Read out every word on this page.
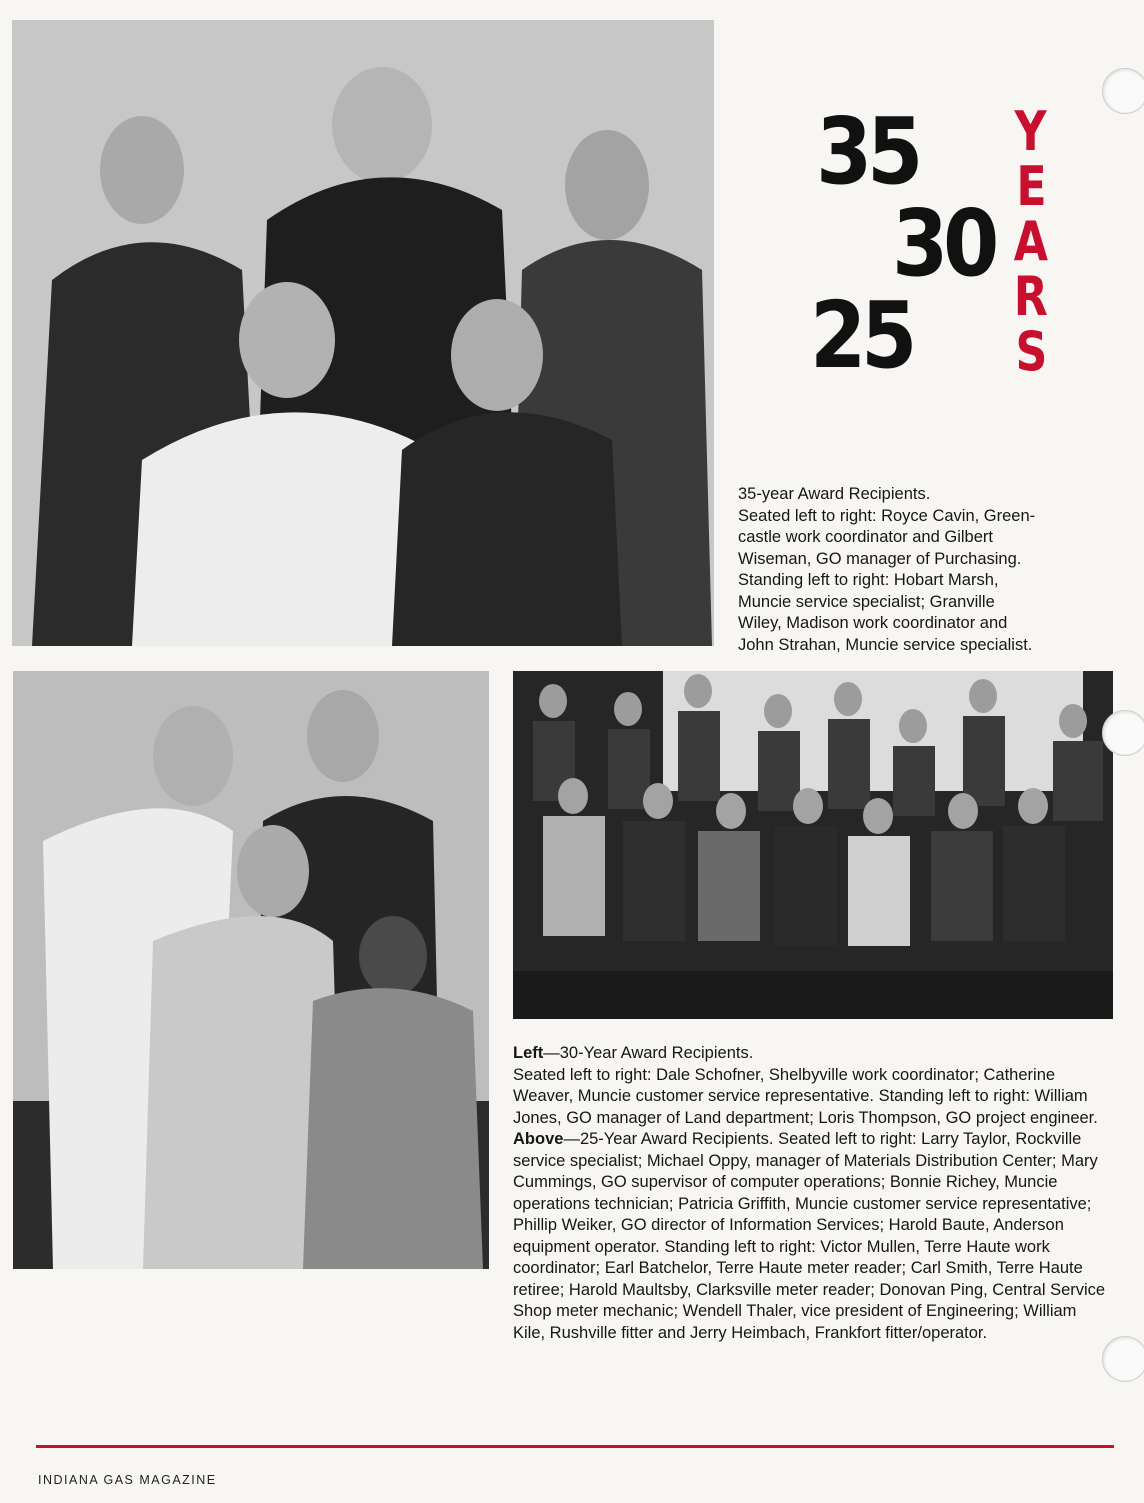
35
30
25
Y
E
A
R
S
35-year Award Recipients.
Seated left to right: Royce Cavin, Green-
castle work coordinator and Gilbert
Wiseman, GO manager of Purchasing.
Standing left to right: Hobart Marsh,
Muncie service specialist; Granville
Wiley, Madison work coordinator and
John Strahan, Muncie service specialist.
Left—30-Year Award Recipients.
Seated left to right: Dale Schofner, Shelbyville work coordinator; Catherine Weaver, Muncie customer service representative. Standing left to right: William Jones, GO manager of Land department; Loris Thompson, GO project engineer. Above—25-Year Award Recipients. Seated left to right: Larry Taylor, Rockville service specialist; Michael Oppy, manager of Materials Distribution Center; Mary Cummings, GO supervisor of computer operations; Bonnie Richey, Muncie operations technician; Patricia Griffith, Muncie customer service representative; Phillip Weiker, GO director of Information Services; Harold Baute, Anderson equipment operator. Standing left to right: Victor Mullen, Terre Haute work coordinator; Earl Batchelor, Terre Haute meter reader; Carl Smith, Terre Haute retiree; Harold Maultsby, Clarksville meter reader; Donovan Ping, Central Service Shop meter mechanic; Wendell Thaler, vice president of Engineering; William Kile, Rushville fitter and Jerry Heimbach, Frankfort fitter/operator.
INDIANA GAS MAGAZINE
